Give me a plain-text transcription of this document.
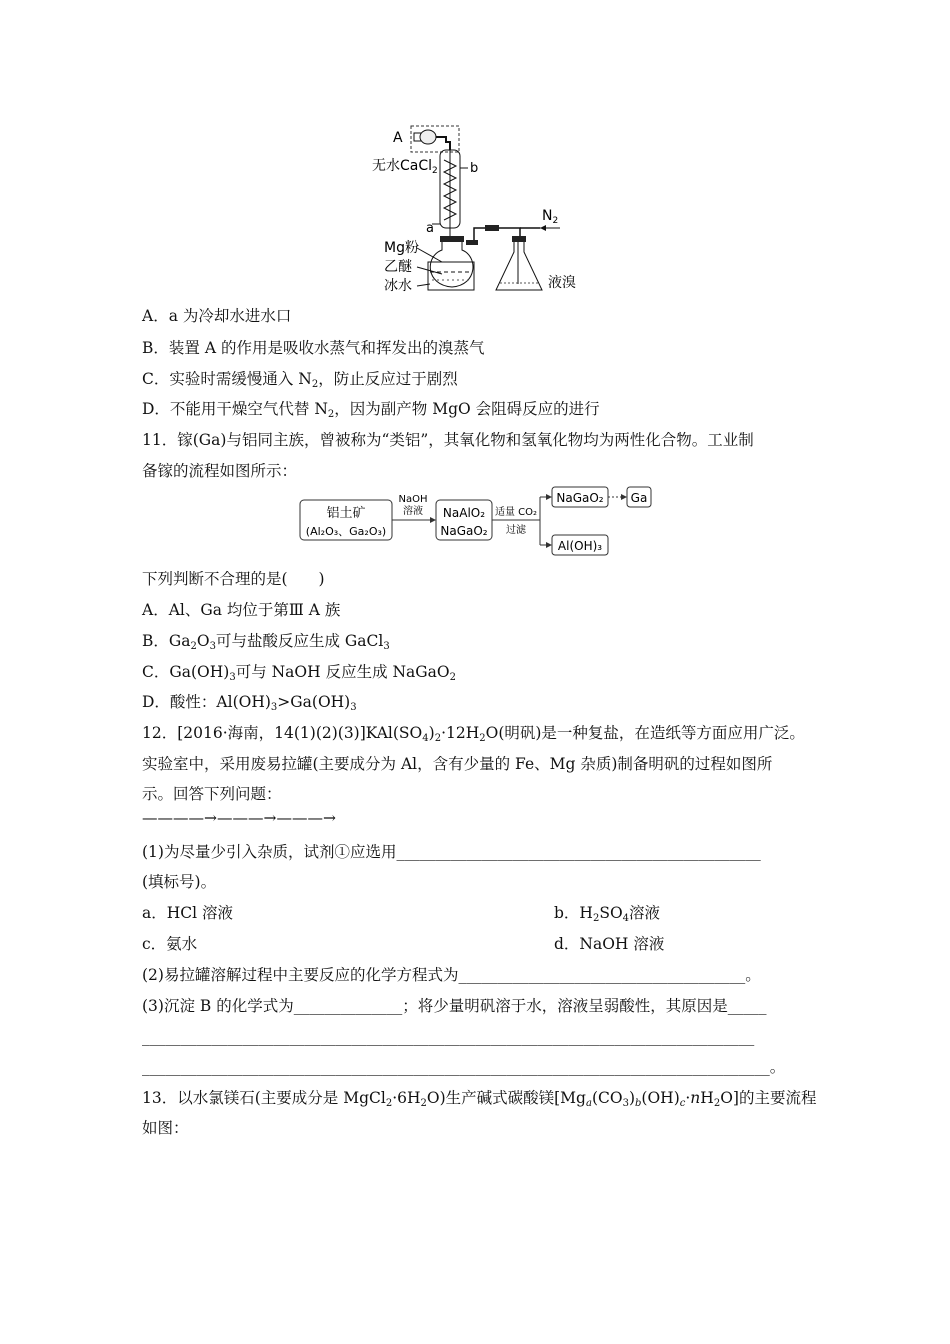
A
无水CaCl$_2$ b
a
Mg粉
乙醚
冰水
$N_2$
液溴
A．a 为冷却水进水口
B．装置 A 的作用是吸收水蒸气和挥发出的溴蒸气
C．实验时需缓慢通入 $N_2$，防止反应过于剧烈
D．不能用干燥空气代替 $N_2$，因为副产物 MgO 会阻碍反应的进行
11．镓(Ga)与铝同主族，曾被称为“类铝”，其氧化物和氢氧化物均为两性化合物。工业制
备镓的流程如图所示：
铝土矿
(Al₂O₃、Ga₂O₃)
NaOH
溶液 NaAlO₂
NaGaO₂
适量 CO₂
过滤
NaGaO₂ Ga
Al(OH)₃
下列判断不合理的是(　　)
A．Al、Ga 均位于第Ⅲ A 族
B．$Ga_2O_3$可与盐酸反应生成 GaCl$_3$
C．$Ga(OH)_3$可与 NaOH 反应生成 NaGaO$_2$
D．酸性：$Al(OH)_3>Ga(OH)_3$
12．[2016·海南，$14(1)(2)(3)]KAl(SO_4)_2\cdot 12H_2O$(明矾)是一种复盐，在造纸等方面应用广泛。
实验室中，采用废易拉罐(主要成分为 Al，含有少量的 Fe、Mg 杂质)制备明矾的过程如图所
示。回答下列问题：
————→———→———→
(1)为尽量少引入杂质，试剂①应选用_______________________________________________
(填标号)。
a．HCl 溶液	b．$H_2SO_4$溶液
c．氨水	d．NaOH 溶液
(2)易拉罐溶解过程中主要反应的化学方程式为_____________________________________。
(3)沉淀 B 的化学式为______________；将少量明矾溶于水，溶液呈弱酸性，其原因是_____
_______________________________________________________________________________
_________________________________________________________________________________。
13．以水氯镁石(主要成分是 $MgCl_2\cdot 6H_2O$)生产碱式碳酸镁$[Mg_a(CO_3)_b(OH)_c\cdot nH_2O]$的主要流程
如图：
